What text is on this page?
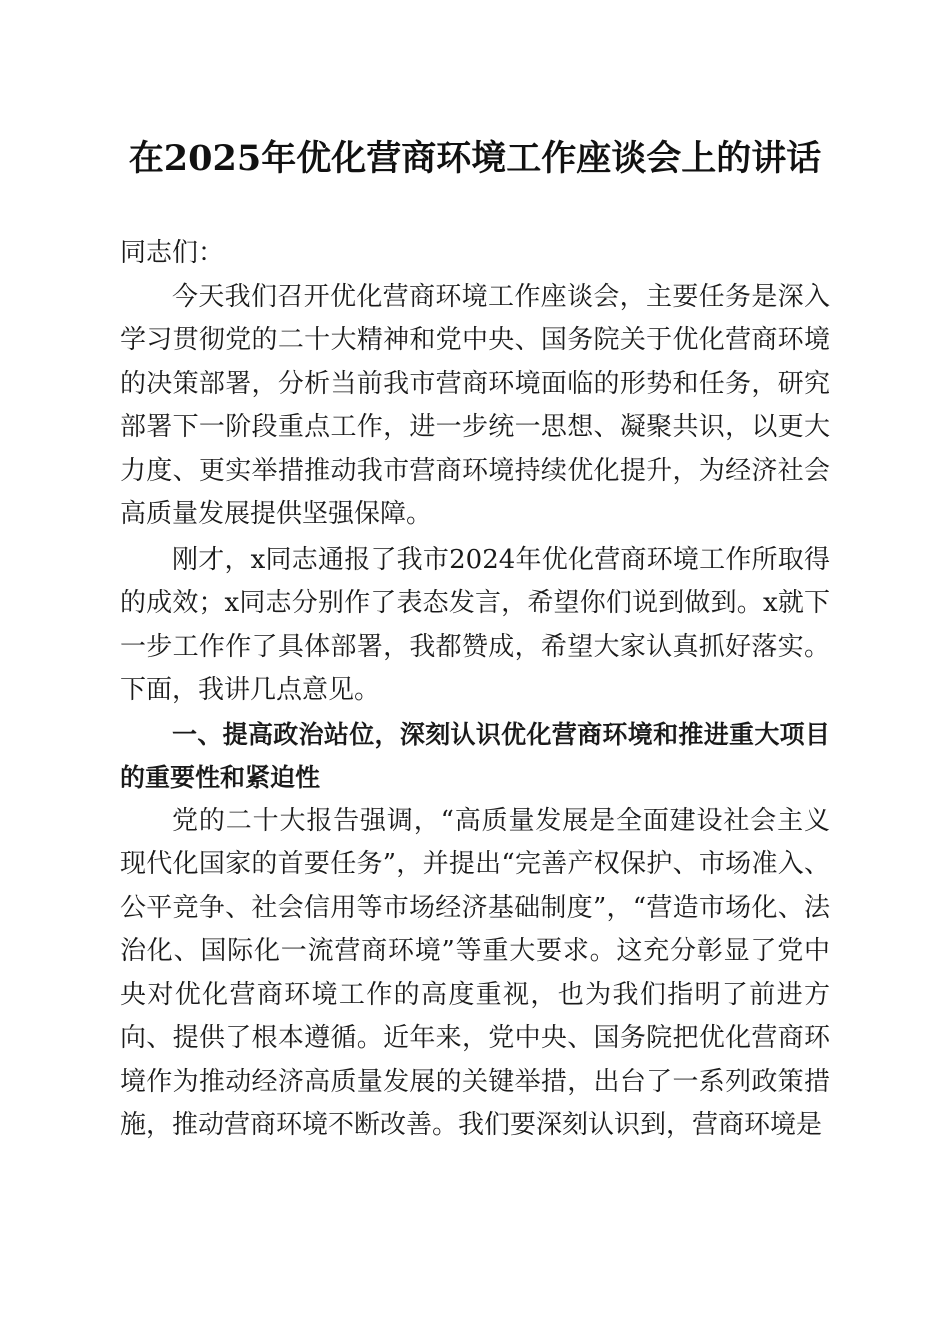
在2025年优化营商环境工作座谈会上的讲话

同志们：

今天我们召开优化营商环境工作座谈会，主要任务是深入学习贯彻党的二十大精神和党中央、国务院关于优化营商环境的决策部署，分析当前我市营商环境面临的形势和任务，研究部署下一阶段重点工作，进一步统一思想、凝聚共识，以更大力度、更实举措推动我市营商环境持续优化提升，为经济社会高质量发展提供坚强保障。

刚才，x同志通报了我市2024年优化营商环境工作所取得的成效；x同志分别作了表态发言，希望你们说到做到。x就下一步工作作了具体部署，我都赞成，希望大家认真抓好落实。下面，我讲几点意见。

一、提高政治站位，深刻认识优化营商环境和推进重大项目的重要性和紧迫性

党的二十大报告强调，“高质量发展是全面建设社会主义现代化国家的首要任务”，并提出“完善产权保护、市场准入、公平竞争、社会信用等市场经济基础制度”，“营造市场化、法治化、国际化一流营商环境”等重大要求。这充分彰显了党中央对优化营商环境工作的高度重视，也为我们指明了前进方向、提供了根本遵循。近年来，党中央、国务院把优化营商环境作为推动经济高质量发展的关键举措，出台了一系列政策措施，推动营商环境不断改善。我们要深刻认识到，营商环境是
